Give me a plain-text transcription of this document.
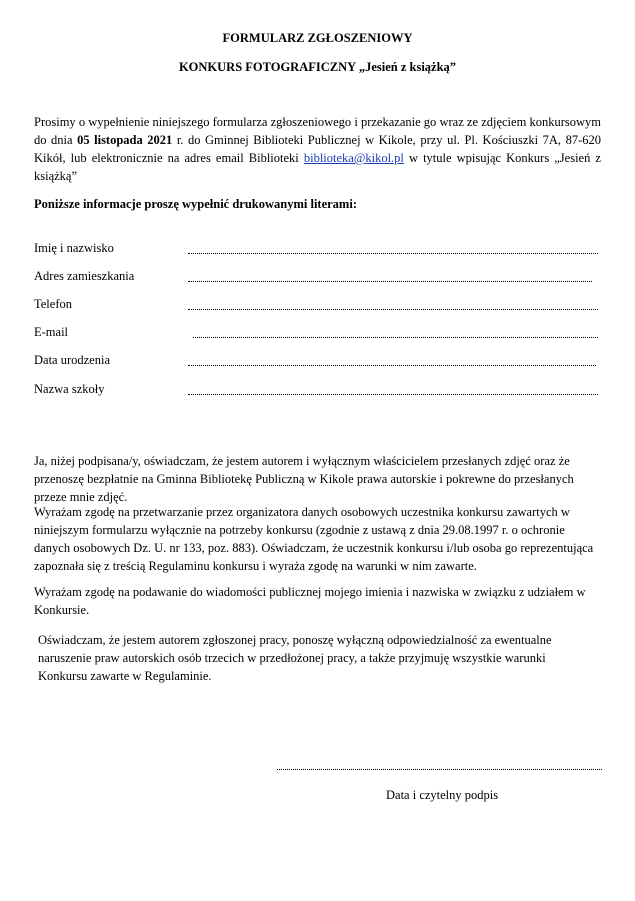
FORMULARZ ZGŁOSZENIOWY
KONKURS FOTOGRAFICZNY „Jesień z książką”
Prosimy o wypełnienie niniejszego formularza zgłoszeniowego i przekazanie go wraz ze zdjęciem konkursowym do dnia 05 listopada 2021 r. do Gminnej Biblioteki Publicznej w Kikole, przy ul. Pl. Kościuszki 7A, 87-620 Kikół, lub elektronicznie na adres email Biblioteki biblioteka@kikol.pl w tytule wpisując Konkurs „Jesień z książką”
Poniższe informacje proszę wypełnić drukowanymi literami:
Imię i nazwisko
Adres zamieszkania
Telefon
E-mail
Data urodzenia
Nazwa szkoły
Ja, niżej podpisana/y, oświadczam, że jestem autorem i wyłącznym właścicielem przesłanych zdjęć oraz że przenoszę bezpłatnie na Gminna Bibliotekę Publiczną w Kikole prawa autorskie i pokrewne do przesłanych przeze mnie zdjęć.
Wyrażam zgodę na przetwarzanie przez organizatora danych osobowych uczestnika konkursu zawartych w niniejszym formularzu wyłącznie na potrzeby konkursu (zgodnie z ustawą z dnia 29.08.1997 r. o ochronie danych osobowych Dz. U. nr 133, poz. 883). Oświadczam, że uczestnik konkursu i/lub osoba go reprezentująca zapoznała się z treścią Regulaminu konkursu i wyraża zgodę na warunki w nim zawarte.
Wyrażam zgodę na podawanie do wiadomości publicznej mojego imienia i nazwiska w związku z udziałem w Konkursie.
Oświadczam, że jestem autorem zgłoszonej pracy, ponoszę wyłączną odpowiedzialność za ewentualne naruszenie praw autorskich osób trzecich w przedłożonej pracy, a także przyjmuję wszystkie warunki Konkursu zawarte w Regulaminie.
Data i czytelny podpis
